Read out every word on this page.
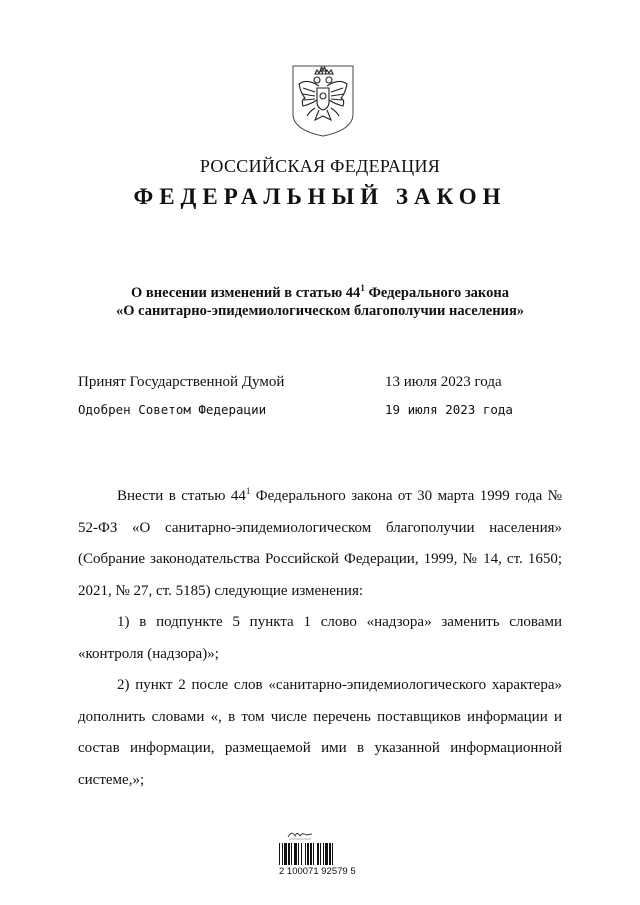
РОССИЙСКАЯ ФЕДЕРАЦИЯ
ФЕДЕРАЛЬНЫЙ ЗАКОН
О внесении изменений в статью $44^1$ Федерального закона
«О санитарно-эпидемиологическом благополучии населения»
Принят Государственной Думой	13 июля 2023 года
Одобрен Советом Федерации	19 июля 2023 года

Внести в статью $44^1$ Федерального закона от 30 марта 1999 года № 52-ФЗ «О санитарно-эпидемиологическом благополучии населения» (Собрание законодательства Российской Федерации, 1999, № 14, ст. 1650; 2021, № 27, ст. 5185) следующие изменения:

1) в подпункте 5 пункта 1 слово «надзора» заменить словами «контроля (надзора)»;

2) пункт 2 после слов «санитарно-эпидемиологического характера» дополнить словами «, в том числе перечень поставщиков информации и состав информации, размещаемой ими в указанной информационной системе,»;

2 100071 92579 5
